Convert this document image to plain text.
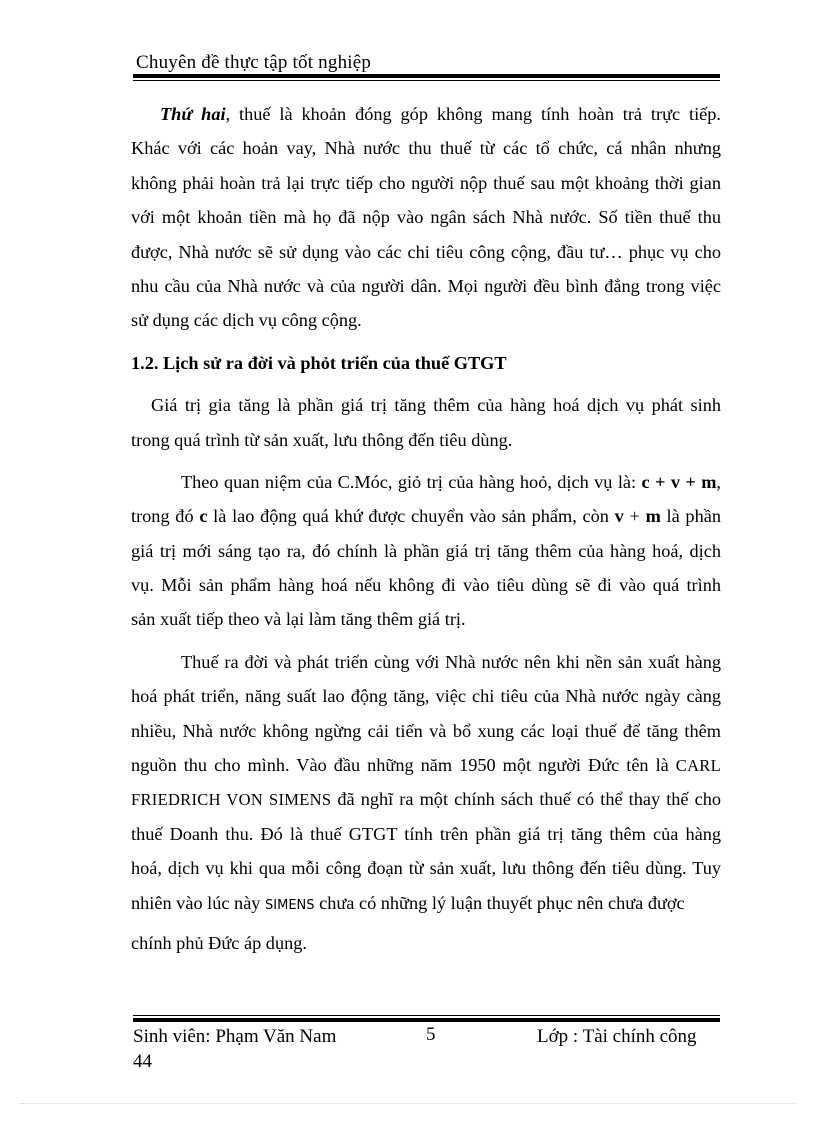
Chuyên đề thực tập tốt nghiệp
Thứ hai, thuế là khoản đóng góp không mang tính hoàn trả trực tiếp.
Khác với các hoản vay, Nhà nước thu thuế từ các tổ chức, cá nhân nhưng
không phải hoàn trả lại trực tiếp cho người nộp thuế sau một khoảng thời gian
với một khoản tiền mà họ đã nộp vào ngân sách Nhà nước. Số tiền thuế thu
được, Nhà nước sẽ sử dụng vào các chi tiêu công cộng, đầu tư… phục vụ cho
nhu cầu của Nhà nước và của người dân. Mọi người đều bình đẳng trong việc
sử dụng các dịch vụ công cộng.
1.2. Lịch sử ra đời và phỏt triển của thuế GTGT
Giá trị gia tăng là phần giá trị tăng thêm của hàng hoá dịch vụ phát sinh
trong quá trình từ sản xuất, lưu thông đến tiêu dùng.
Theo quan niệm của C.Móc, giỏ trị của hàng hoỏ, dịch vụ là: c + v + m,
trong đó c là lao động quá khứ được chuyển vào sản phẩm, còn v + m là phần
giá trị mới sáng tạo ra, đó chính là phần giá trị tăng thêm của hàng hoá, dịch
vụ. Mỗi sản phẩm hàng hoá nếu không đi vào tiêu dùng sẽ đi vào quá trình
sản xuất tiếp theo và lại làm tăng thêm giá trị.
Thuế ra đời và phát triển cùng với Nhà nước nên khi nền sản xuất hàng
hoá phát triển, năng suất lao động tăng, việc chi tiêu của Nhà nước ngày càng
nhiều, Nhà nước không ngừng cải tiến và bổ xung các loại thuế để tăng thêm
nguồn thu cho mình. Vào đầu những năm 1950 một người Đức tên là CARL
FRIEDRICH VON SIMENS đã nghĩ ra một chính sách thuế có thể thay thế cho
thuế Doanh thu. Đó là thuế GTGT tính trên phần giá trị tăng thêm của hàng
hoá, dịch vụ khi qua mỗi công đoạn từ sản xuất, lưu thông đến tiêu dùng. Tuy
nhiên vào lúc này SIMENS chưa có những lý luận thuyết phục nên chưa được
chính phủ Đức áp dụng.
Sinh viên: Phạm Văn Nam	5	Lớp : Tài chính công
44
